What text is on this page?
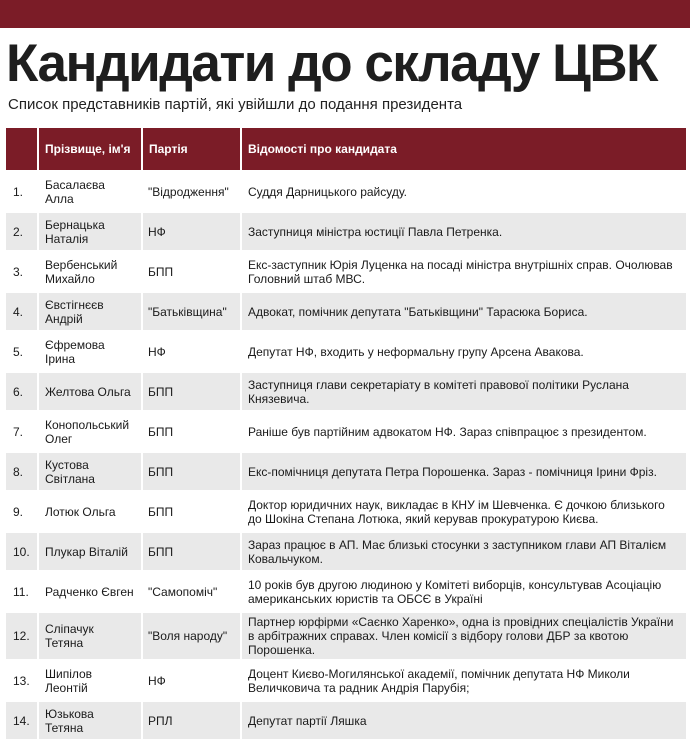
Кандидати до складу ЦВК

Список представників партій, які увійшли до подання президента

	Прізвище, ім'я	Партія	Відомості про кандидата
1.	Басалаєва Алла	"Відродження"	Суддя Дарницького райсуду.
2.	Бернацька Наталія	НФ	Заступниця міністра юстиції Павла Петренка.
3.	Вербенський Михайло	БПП	Екс-заступник Юрія Луценка на посаді міністра внутрішніх справ. Очолював Головний штаб МВС.
4.	Євстігнєєв Андрій	"Батьківщина"	Адвокат, помічник депутата "Батьківщини" Тарасюка Бориса.
5.	Єфремова Ірина	НФ	Депутат НФ, входить у неформальну групу Арсена Авакова.
6.	Желтова Ольга	БПП	Заступниця глави секретаріату в комітеті правової політики Руслана Князевича.
7.	Конопольський Олег	БПП	Раніше був партійним адвокатом НФ. Зараз співпрацює з президентом.
8.	Кустова Світлана	БПП	Екс-помічниця депутата Петра Порошенка. Зараз - помічниця Ірини Фріз.
9.	Лотюк Ольга	БПП	Доктор юридичних наук, викладає в КНУ ім Шевченка. Є дочкою близького до Шокіна Степана Лотюка, який керував прокуратурою Києва.
10.	Плукар Віталій	БПП	Зараз працює в АП. Має близькі стосунки з заступником глави АП Віталієм Ковальчуком.
11.	Радченко Євген	"Самопоміч"	10 років був другою людиною у Комітеті виборців, консультував Асоціацію американських юристів та ОБСЄ в Україні
12.	Сліпачук Тетяна	"Воля народу"	Партнер юрфірми «Саєнко Харенко», одна із провідних спеціалістів України в арбітражних справах. Член комісії з відбору голови ДБР за квотою Порошенка.
13.	Шипілов Леонтій	НФ	Доцент Києво-Могилянської академії, помічник депутата НФ Миколи Величковича та радник Андрія Парубія;
14.	Юзькова Тетяна	РПЛ	Депутат партії Ляшка
